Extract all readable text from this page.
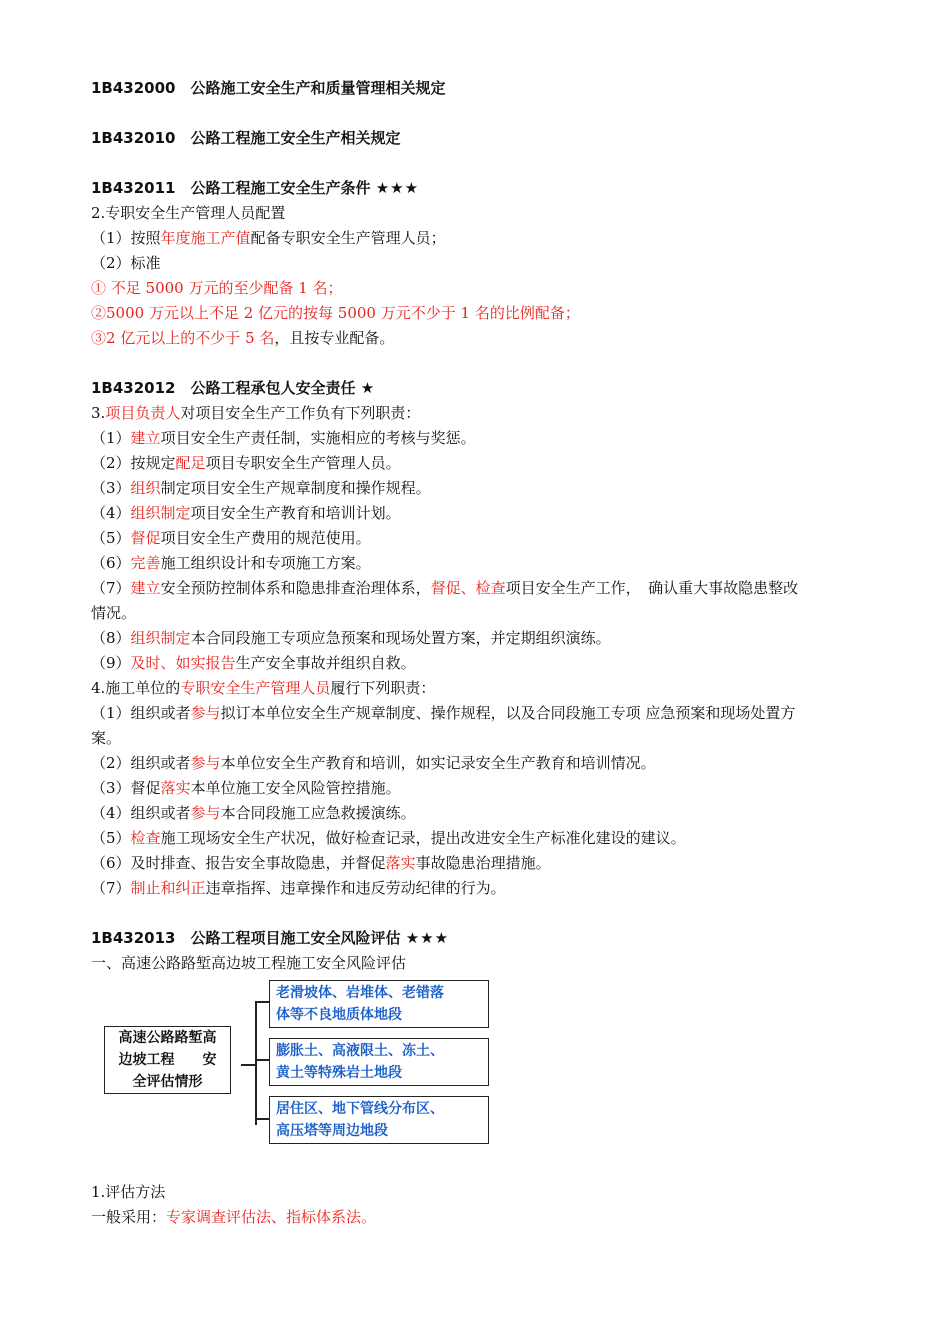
1B432000　公路施工安全生产和质量管理相关规定
1B432010　公路工程施工安全生产相关规定
1B432011　公路工程施工安全生产条件 ★★★
2.专职安全生产管理人员配置
（1）按照年度施工产值配备专职安全生产管理人员；
（2）标准
① 不足 5000 万元的至少配备 1 名；
②5000 万元以上不足 2 亿元的按每 5000 万元不少于 1 名的比例配备；
③2 亿元以上的不少于 5 名，且按专业配备。
1B432012　公路工程承包人安全责任 ★
3.项目负责人对项目安全生产工作负有下列职责：
（1）建立项目安全生产责任制，实施相应的考核与奖惩。
（2）按规定配足项目专职安全生产管理人员。
（3）组织制定项目安全生产规章制度和操作规程。
（4）组织制定项目安全生产教育和培训计划。
（5）督促项目安全生产费用的规范使用。
（6）完善施工组织设计和专项施工方案。
（7）建立安全预防控制体系和隐患排查治理体系，督促、检查项目安全生产工作，　确认重大事故隐患整改
情况。
（8）组织制定本合同段施工专项应急预案和现场处置方案，并定期组织演练。
（9）及时、如实报告生产安全事故并组织自救。
4.施工单位的专职安全生产管理人员履行下列职责：
（1）组织或者参与拟订本单位安全生产规章制度、操作规程，以及合同段施工专项 应急预案和现场处置方
案。
（2）组织或者参与本单位安全生产教育和培训，如实记录安全生产教育和培训情况。
（3）督促落实本单位施工安全风险管控措施。
（4）组织或者参与本合同段施工应急救援演练。
（5）检查施工现场安全生产状况，做好检查记录，提出改进安全生产标准化建设的建议。
（6）及时排查、报告安全事故隐患，并督促落实事故隐患治理措施。
（7）制止和纠正违章指挥、违章操作和违反劳动纪律的行为。
1B432013　公路工程项目施工安全风险评估 ★★★
一、高速公路路堑高边坡工程施工安全风险评估
高速公路路堑高
边坡工程　　安
全评估情形
老滑坡体、岩堆体、老错落
体等不良地质体地段
膨胀土、高液限土、冻土、
黄土等特殊岩土地段
居住区、地下管线分布区、
高压塔等周边地段
1.评估方法
一般采用：专家调查评估法、指标体系法。
